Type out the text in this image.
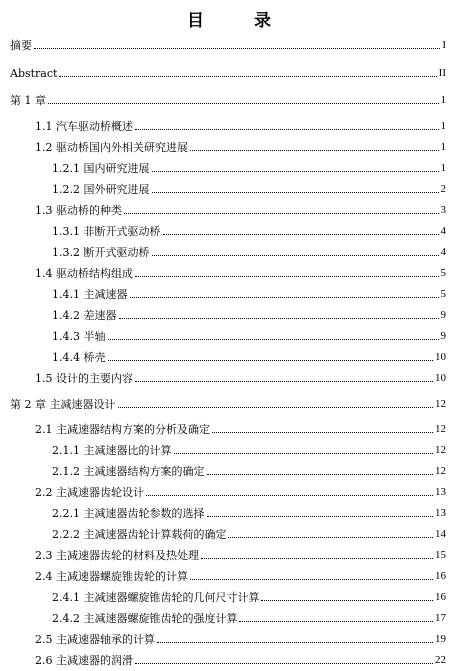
目 录
摘要	I
Abstract	II
第 1 章	1
1.1 汽车驱动桥概述	1
1.2 驱动桥国内外相关研究进展	1
1.2.1 国内研究进展	1
1.2.2 国外研究进展	2
1.3 驱动桥的种类	3
1.3.1 非断开式驱动桥	4
1.3.2 断开式驱动桥	4
1.4 驱动桥结构组成	5
1.4.1 主减速器	5
1.4.2 差速器	9
1.4.3 半轴	9
1.4.4 桥壳	10
1.5 设计的主要内容	10
第 2 章 主减速器设计	12
2.1 主减速器结构方案的分析及确定	12
2.1.1 主减速器比的计算	12
2.1.2 主减速器结构方案的确定	12
2.2 主减速器齿轮设计	13
2.2.1 主减速器齿轮参数的选择	13
2.2.2 主减速器齿轮计算载荷的确定	14
2.3 主减速器齿轮的材料及热处理	15
2.4 主减速器螺旋锥齿轮的计算	16
2.4.1 主减速器螺旋锥齿轮的几何尺寸计算	16
2.4.2 主减速器螺旋锥齿轮的强度计算	17
2.5 主减速器轴承的计算	19
2.6 主减速器的润滑	22
